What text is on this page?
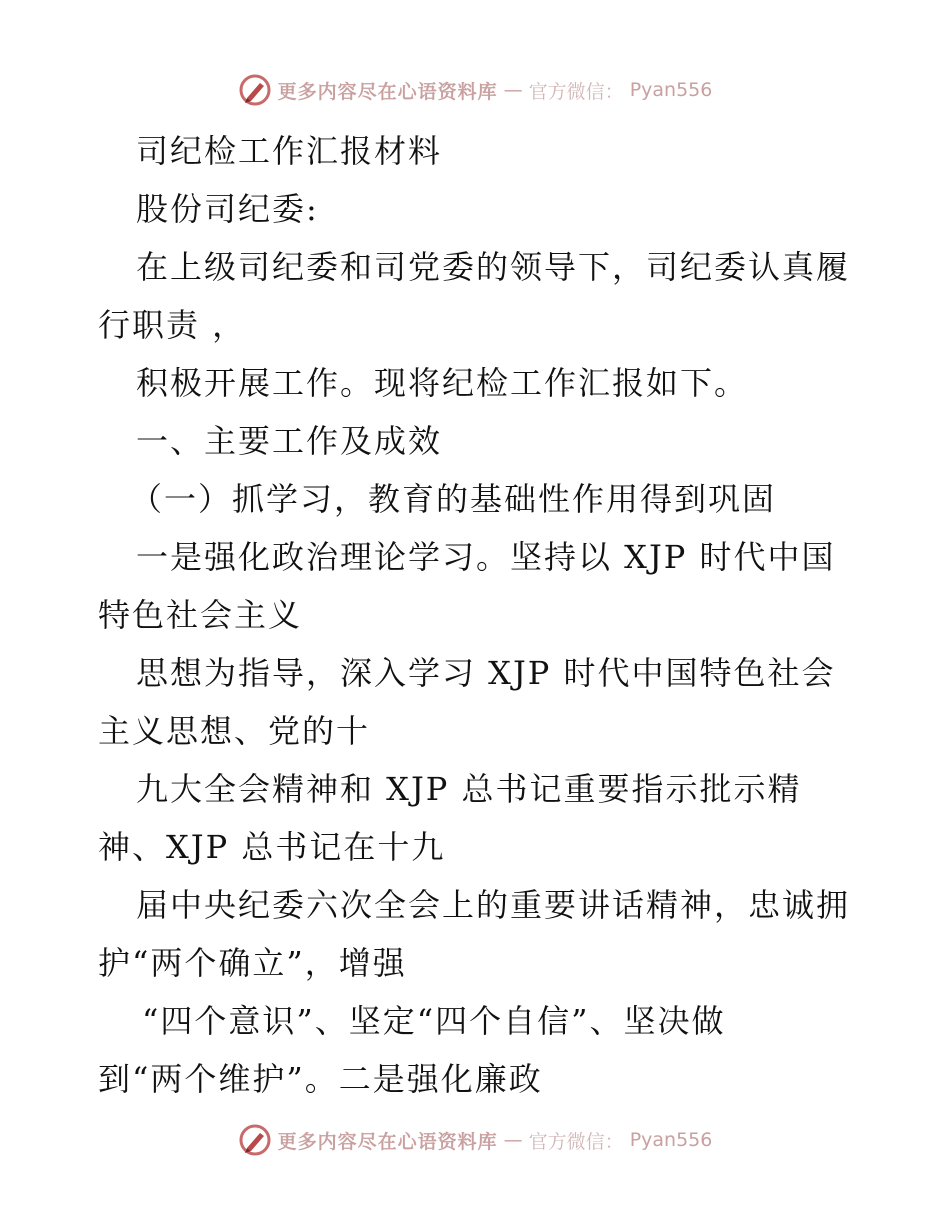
更多内容尽在心语资料库 — 官方微信： Pyan556
司纪检工作汇报材料
股份司纪委:
在上级司纪委和司党委的领导下，司纪委认真履
行职责 ，
积极开展工作。现将纪检工作汇报如下。
一、主要工作及成效
（一）抓学习，教育的基础性作用得到巩固
一是强化政治理论学习。坚持以 XJP 时代中国
特色社会主义
思想为指导，深入学习 XJP 时代中国特色社会
主义思想、党的十
九大全会精神和 XJP 总书记重要指示批示精
神、XJP 总书记在十九
届中央纪委六次全会上的重要讲话精神，忠诚拥
护“两个确立”，增强
“四个意识”、坚定“四个自信”、坚决做
到“两个维护”。二是强化廉政
更多内容尽在心语资料库 — 官方微信： Pyan556
